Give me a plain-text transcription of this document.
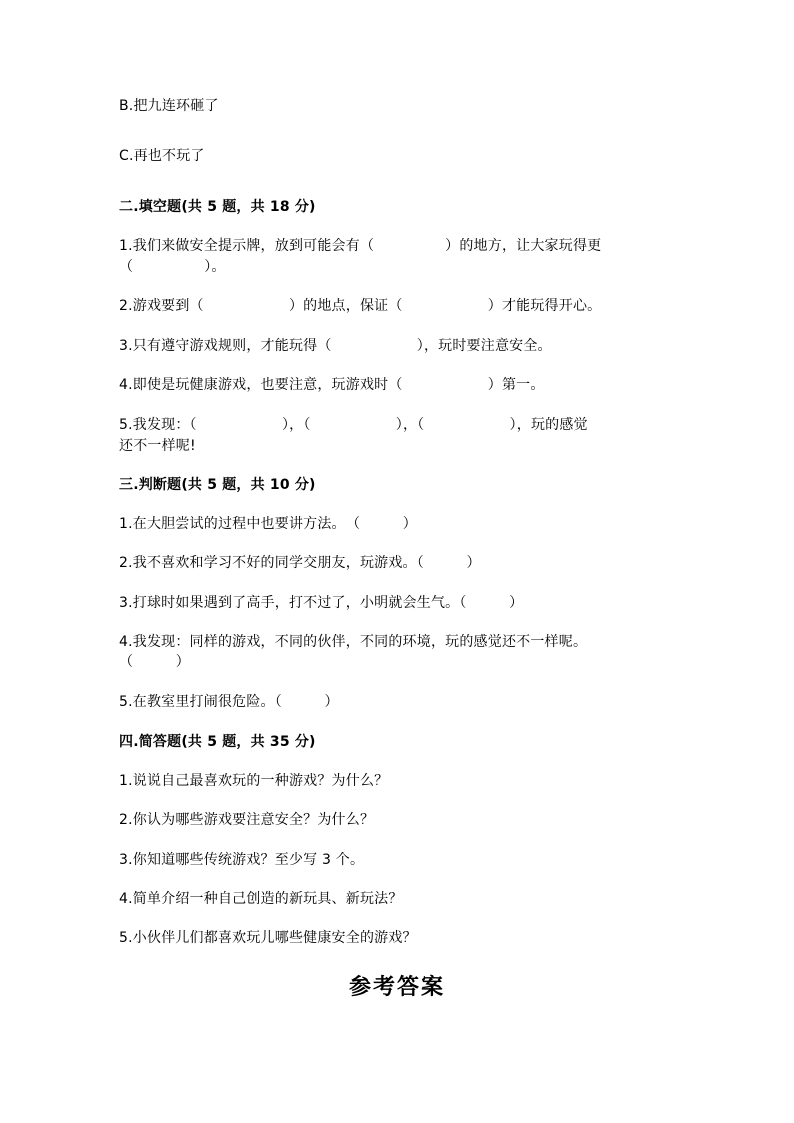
B.把九连环砸了
C.再也不玩了
二.填空题(共 5 题，共 18 分)
1.我们来做安全提示牌，放到可能会有（　　　　　）的地方，让大家玩得更
（　　　　　）。
2.游戏要到（　　　　　　）的地点，保证（　　　　　　）才能玩得开心。
3.只有遵守游戏规则，才能玩得（　　　　　　），玩时要注意安全。
4.即使是玩健康游戏，也要注意，玩游戏时（　　　　　　）第一。
5.我发现：（　　　　　　），（　　　　　　），（　　　　　　），玩的感觉
还不一样呢!
三.判断题(共 5 题，共 10 分)
1.在大胆尝试的过程中也要讲方法。　（　　　）
2.我不喜欢和学习不好的同学交朋友，玩游戏。（　　　）
3.打球时如果遇到了高手，打不过了，小明就会生气。（　　　）
4.我发现：同样的游戏，不同的伙伴，不同的环境，玩的感觉还不一样呢。
（　　　）
5.在教室里打闹很危险。（　　　）
四.简答题(共 5 题，共 35 分)
1.说说自己最喜欢玩的一种游戏？为什么？
2.你认为哪些游戏要注意安全？为什么？
3.你知道哪些传统游戏？至少写 3 个。
4.简单介绍一种自己创造的新玩具、新玩法？
5.小伙伴儿们都喜欢玩儿哪些健康安全的游戏？
参考答案
